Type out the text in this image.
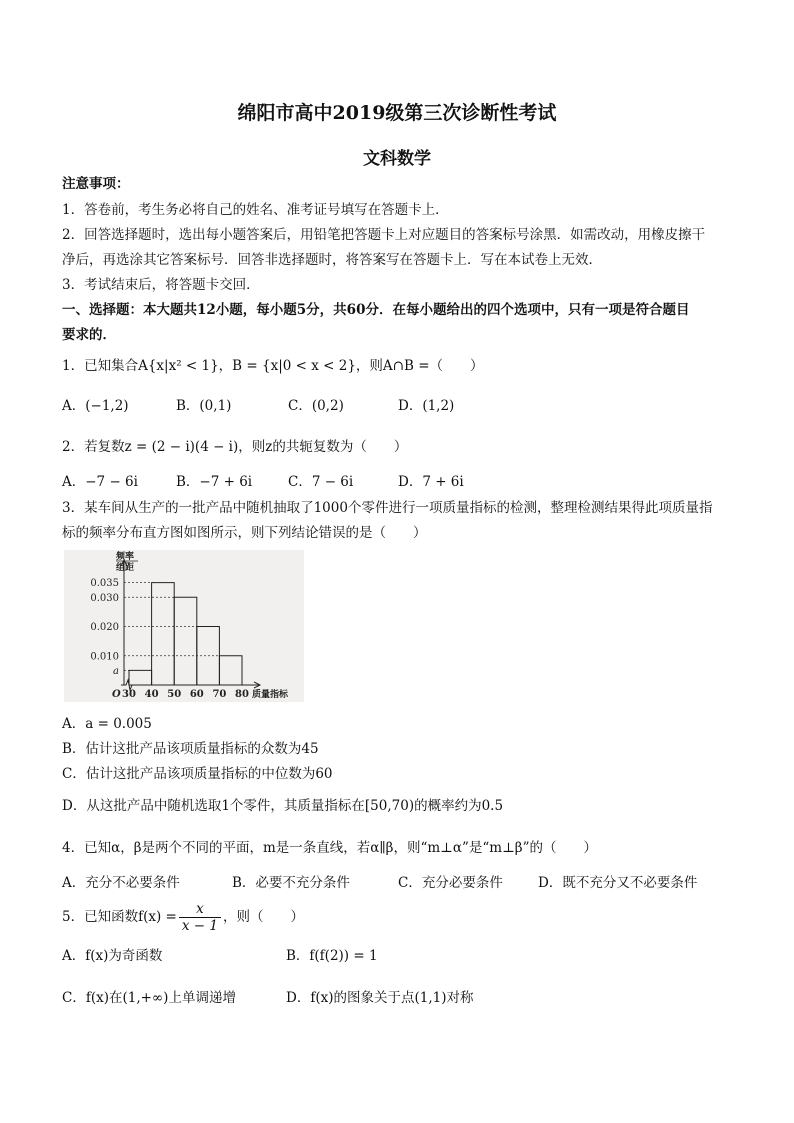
绵阳市高中2019级第三次诊断性考试
文科数学
注意事项：
1．答卷前，考生务必将自己的姓名、准考证号填写在答题卡上．
2．回答选择题时，选出每小题答案后，用铅笔把答题卡上对应题目的答案标号涂黑．如需改动，用橡皮擦干
净后，再选涂其它答案标号．回答非选择题时，将答案写在答题卡上．写在本试卷上无效．
3．考试结束后，将答题卡交回．
一、选择题：本大题共12小题，每小题5分，共60分．在每小题给出的四个选项中，只有一项是符合题目
要求的．
1．已知集合A{x|x² < 1}，B = {x|0 < x < 2}，则A∩B =（　　）
A．(−1,2)	B．(0,1)	C．(0,2)	D．(1,2)
2．若复数z = (2 − i)(4 − i)，则z的共轭复数为（　　）
A．−7 − 6i	B．−7 + 6i	C．7 − 6i	D．7 + 6i
3．某车间从生产的一批产品中随机抽取了1000个零件进行一项质量指标的检测，整理检测结果得此项质量指
标的频率分布直方图如图所示，则下列结论错误的是（　　）
频率
组距
0.035
0.030
0.020
0.010
a
30 40 50 60 70 80 质量指标
O
A．a = 0.005
B．估计这批产品该项质量指标的众数为45
C．估计这批产品该项质量指标的中位数为60
D．从这批产品中随机选取1个零件，其质量指标在[50,70)的概率约为0.5
4．已知α，β是两个不同的平面，m是一条直线，若α∥β，则“m⊥α”是“m⊥β”的（　　）
A．充分不必要条件	B．必要不充分条件	C．充分必要条件	D．既不充分又不必要条件
5．已知函数$f(x) = \frac{x}{x - 1}$ ，则（　　）
A．f(x)为奇函数	B．f(f(2)) = 1
C．f(x)在(1,+∞)上单调递增	D．f(x)的图象关于点(1,1)对称
